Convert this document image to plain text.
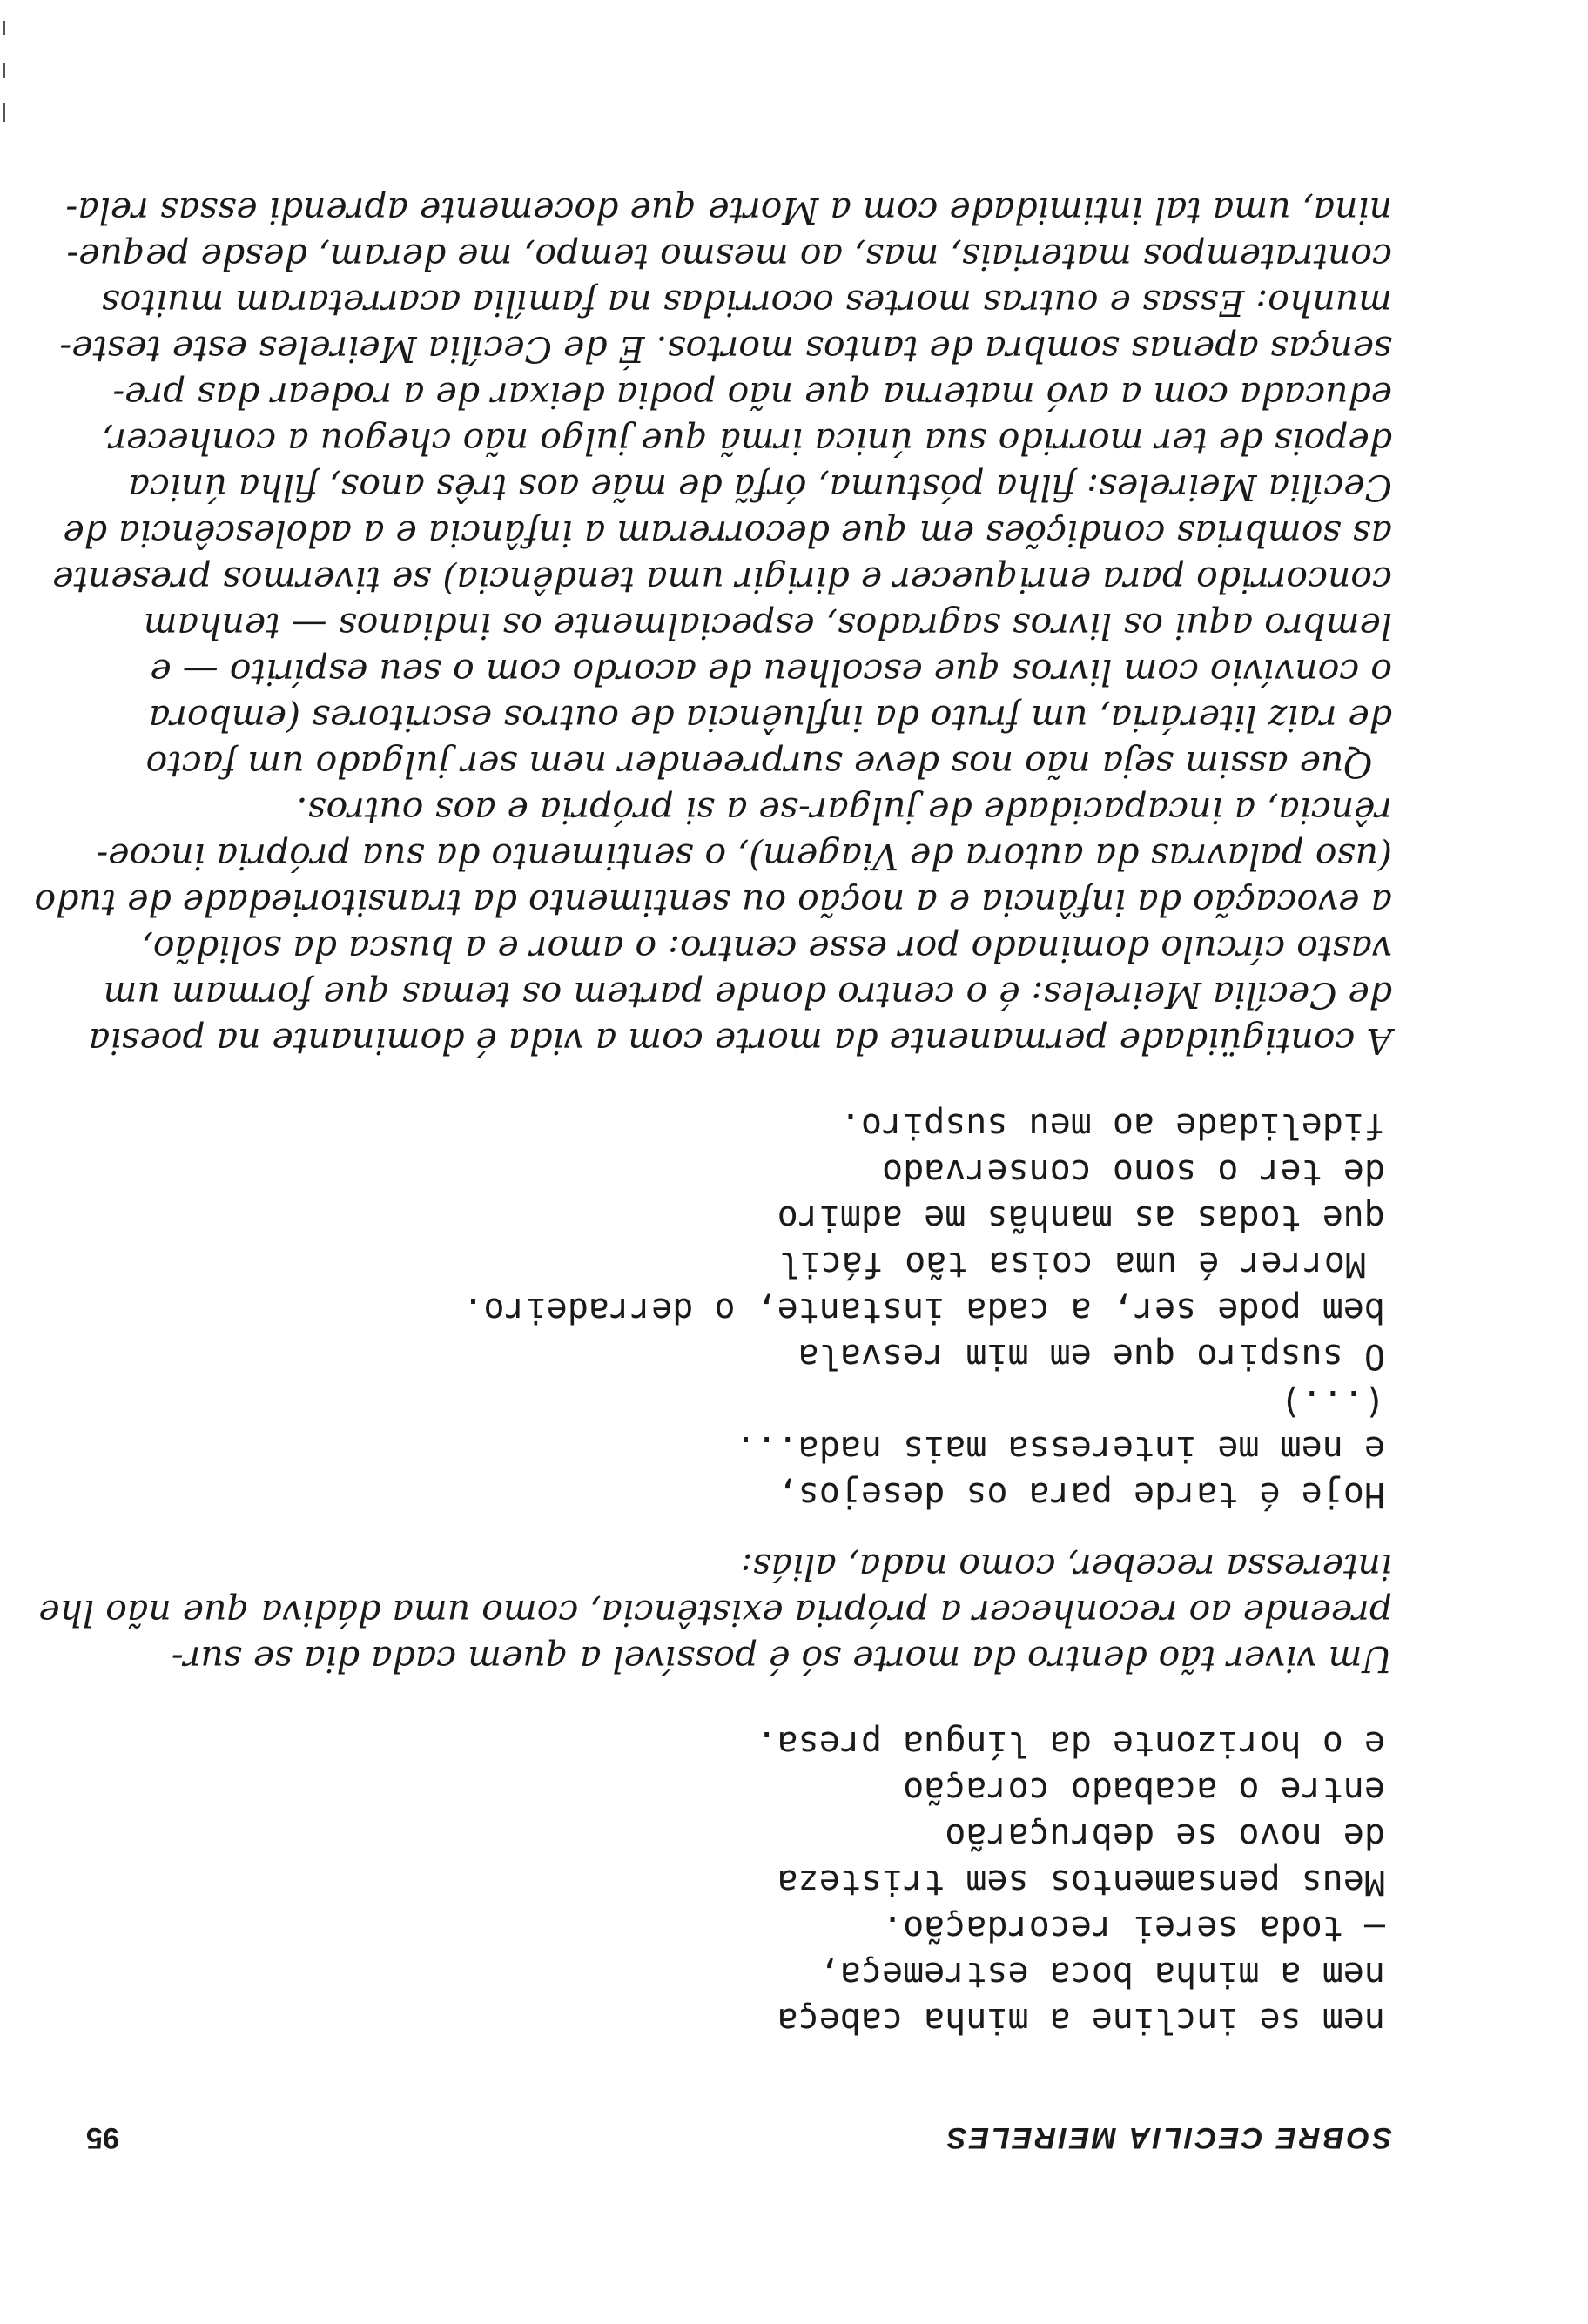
SOBRE CECILIA MEIRELES
95
nem se incline a minha cabeça
nem a minha boca estremeça,
— toda serei recordação.
Meus pensamentos sem tristeza
de novo se debruçarão
entre o acabado coração
e o horizonte da língua presa.
Um viver tão dentro da morte só é possível a quem cada dia se sur-
preende ao reconhecer a própria existência, como uma dádiva que não lhe
interessa receber, como nada, aliás:
Hoje é tarde para os desejos,
e nem me interessa mais nada...
(...)
O suspiro que em mim resvala
bem pode ser, a cada instante, o derradeiro.
Morrer é uma coisa tão fácil
que todas as manhãs me admiro
de ter o sono conservado
fidelidade ao meu suspiro.
A contigüidade permanente da morte com a vida é dominante na poesia
de Cecília Meireles: é o centro donde partem os temas que formam um
vasto círculo dominado por esse centro: o amor e a busca da solidão,
a evocação da infância e a noção ou sentimento da transitoriedade de tudo
(uso palavras da autora de Viagem), o sentimento da sua própria incoe-
rência, a incapacidade de julgar-se a si própria e aos outros.
Que assim seja não nos deve surpreender nem ser julgado um facto
de raiz literária, um fruto da influência de outros escritores (embora
o convívio com livros que escolheu de acordo com o seu espírito — e
lembro aqui os livros sagrados, especialmente os indianos — tenham
concorrido para enriquecer e dirigir uma tendência) se tivermos presente
as sombrias condições em que decorreram a infância e a adolescência de
Cecília Meireles: filha póstuma, órfã de mãe aos três anos, filha única
depois de ter morrido sua única irmã que julgo não chegou a conhecer,
educada com a avó materna que não podia deixar de a rodear das pre-
senças apenas sombra de tantos mortos. É de Cecília Meireles este teste-
munho: Essas e outras mortes ocorridas na família acarretaram muitos
contratempos materiais, mas, ao mesmo tempo, me deram, desde peque-
nina, uma tal intimidade com a Morte que docemente aprendi essas rela-
